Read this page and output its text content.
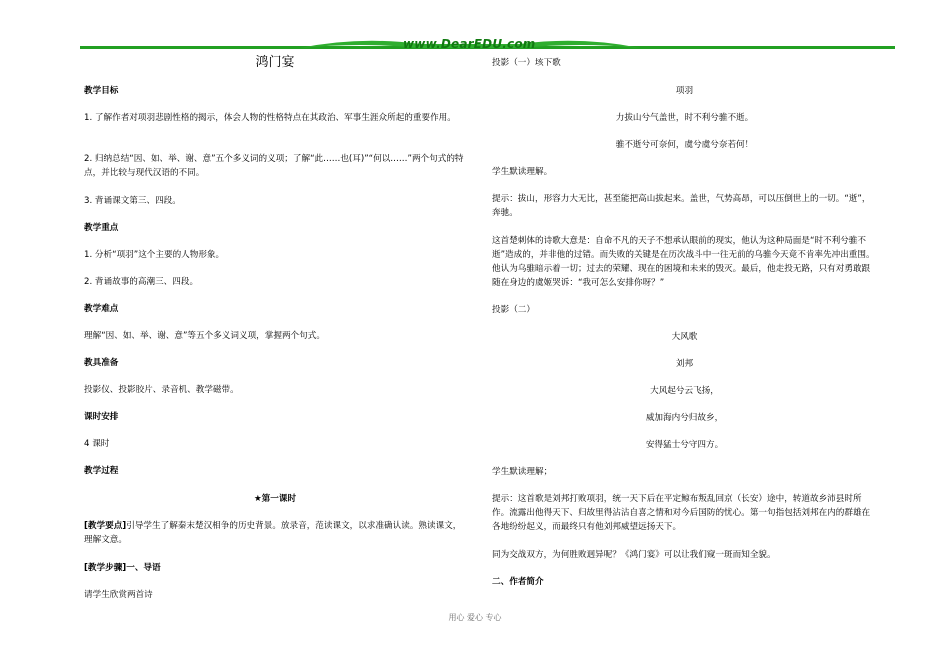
www.DearEDU.com

鸿门宴

教学目标

1. 了解作者对项羽悲剧性格的揭示，体会人物的性格特点在其政治、军事生涯众所起的重要作用。

2. 归纳总结“因、如、举、谢、意”五个多义词的义项；了解“此……也(耳)”“何以……”两个句式的特点，并比较与现代汉语的不同。

3. 背诵课文第三、四段。

教学重点

1. 分析“项羽”这个主要的人物形象。

2. 背诵故事的高潮三、四段。

教学难点

理解“因、如、举、谢、意”等五个多义词义项，掌握两个句式。

教具准备

投影仪、投影胶片、录音机、教学磁带。

课时安排

4 课时

教学过程

★第一课时

[教学要点]引导学生了解秦末楚汉相争的历史背景。放录音，范读课文，以求准确认读。熟读课文，理解文意。

[教学步骤]一、导语

请学生欣赏两首诗

投影（一）垓下歌

项羽

力拔山兮气盖世，时不利兮骓不逝。

骓不逝兮可奈何，虞兮虞兮奈若何！

学生默读理解。

提示：拔山，形容力大无比，甚至能把高山拔起来。盖世，气势高昂，可以压倒世上的一切。“逝”，奔驰。

这首楚刺体的诗歌大意是：自命不凡的天子不想承认眼前的现实，他认为这种局面是“时不利兮骓不逝”造成的，并非他的过错。而失败的关键是在历次战斗中一往无前的乌骓今天竟不肯率先冲出重围。他认为乌骓暗示着一切；过去的荣耀、现在的困境和未来的毁灭。最后，他走投无路，只有对勇敢跟随在身边的虞姬哭诉：“我可怎么安排你呀？”

投影（二）

大风歌

刘邦

大风起兮云飞扬，

威加海内兮归故乡，

安得猛士兮守四方。

学生默读理解；

提示：这首歌是刘邦打败项羽，统一天下后在平定鲸布叛乱回京（长安）途中，转道故乡沛县时所作。流露出他得天下、归故里得沾沾自喜之情和对今后国防的忧心。第一句指包括刘邦在内的群雄在各地纷纷起义，而最终只有他刘邦威望远扬天下。

同为交战双方，为何胜败迥异呢？《鸿门宴》可以让我们窥一斑而知全貌。

二、作者简介

用心 爱心 专心
